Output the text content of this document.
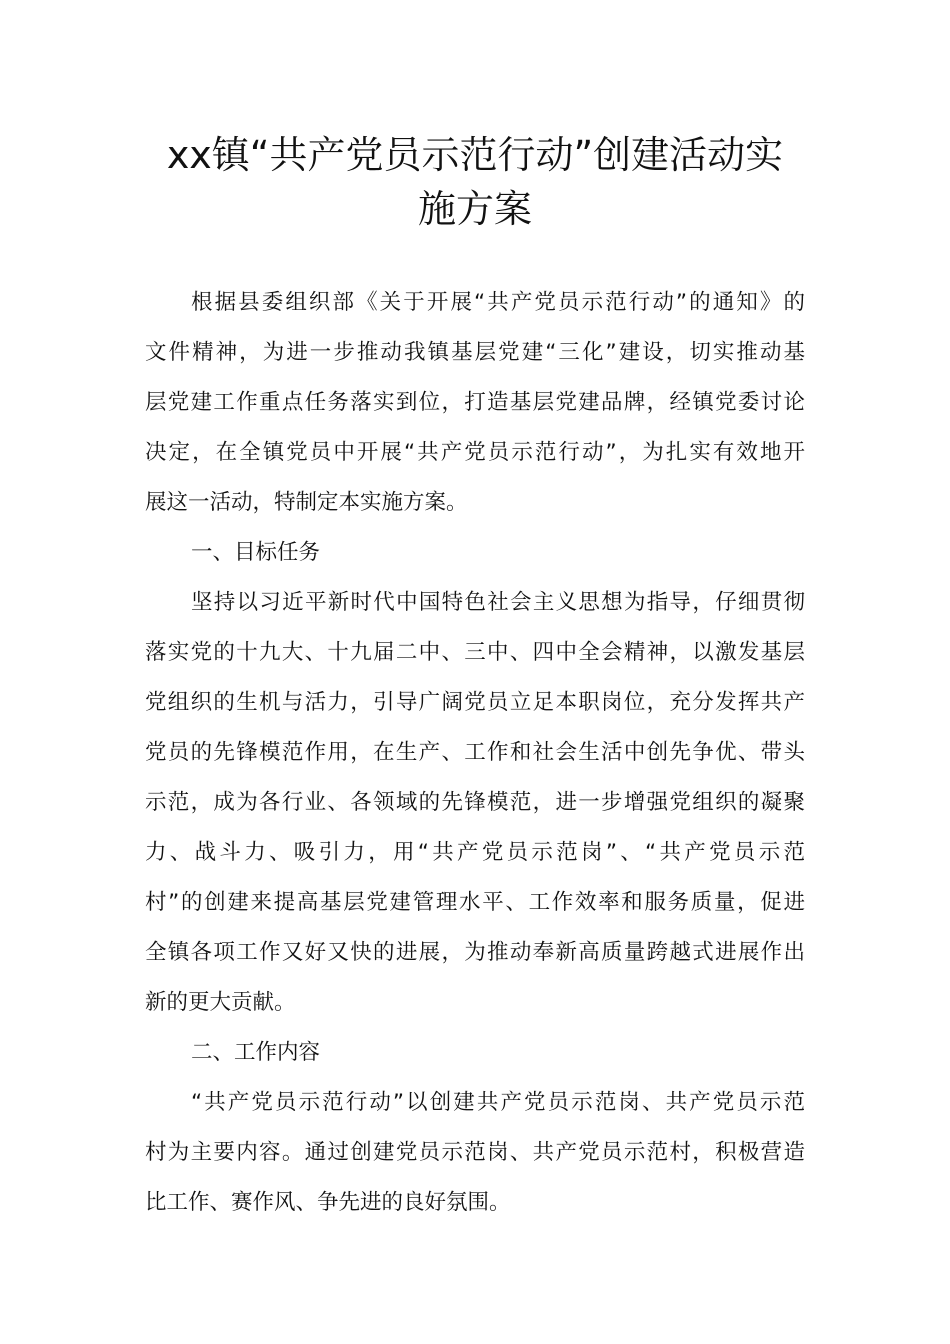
xx镇“共产党员示范行动”创建活动实
施方案
根据县委组织部《关于开展“共产党员示范行动”的通知》的
文件精神，为进一步推动我镇基层党建“三化”建设，切实推动基
层党建工作重点任务落实到位，打造基层党建品牌，经镇党委讨论
决定，在全镇党员中开展“共产党员示范行动”，为扎实有效地开
展这一活动，特制定本实施方案。
一、目标任务
坚持以习近平新时代中国特色社会主义思想为指导，仔细贯彻
落实党的十九大、十九届二中、三中、四中全会精神，以激发基层
党组织的生机与活力，引导广阔党员立足本职岗位，充分发挥共产
党员的先锋模范作用，在生产、工作和社会生活中创先争优、带头
示范，成为各行业、各领域的先锋模范，进一步增强党组织的凝聚
力、战斗力、吸引力，用“共产党员示范岗”、“共产党员示范
村”的创建来提高基层党建管理水平、工作效率和服务质量，促进
全镇各项工作又好又快的进展，为推动奉新高质量跨越式进展作出
新的更大贡献。
二、工作内容
“共产党员示范行动”以创建共产党员示范岗、共产党员示范
村为主要内容。通过创建党员示范岗、共产党员示范村，积极营造
比工作、赛作风、争先进的良好氛围。
